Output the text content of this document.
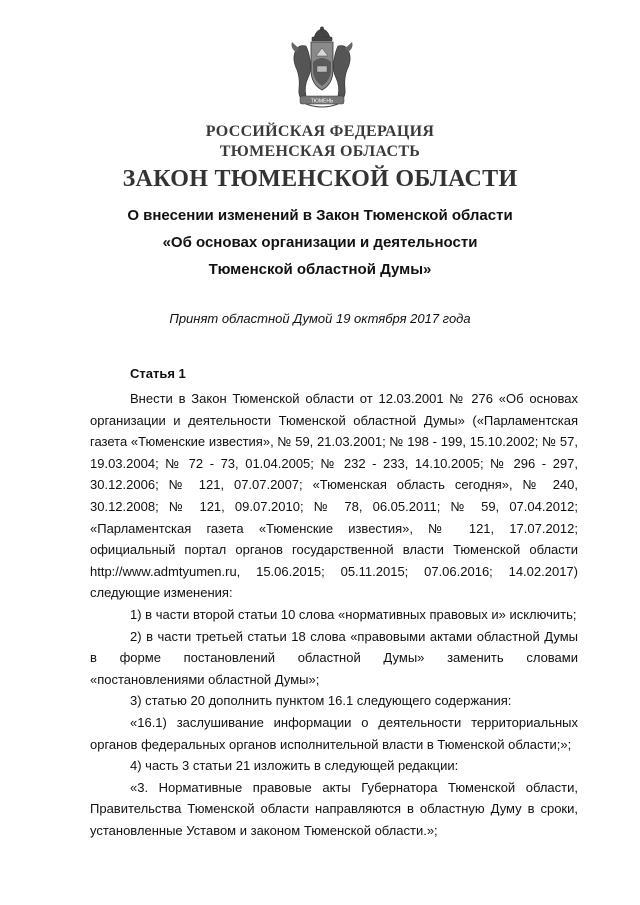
ТЮМЕНЬ
РОССИЙСКАЯ ФЕДЕРАЦИЯ
ТЮМЕНСКАЯ ОБЛАСТЬ
ЗАКОН ТЮМЕНСКОЙ ОБЛАСТИ
О внесении изменений в Закон Тюменской области
«Об основах организации и деятельности
Тюменской областной Думы»
Принят областной Думой 19 октября 2017 года
Статья 1

Внести в Закон Тюменской области от 12.03.2001 № 276 «Об основах организации и деятельности Тюменской областной Думы» («Парламентская газета «Тюменские известия», № 59, 21.03.2001; № 198 - 199, 15.10.2002; № 57, 19.03.2004; № 72 - 73, 01.04.2005; № 232 - 233, 14.10.2005; № 296 - 297, 30.12.2006; № 121, 07.07.2007; «Тюменская область сегодня», № 240, 30.12.2008; № 121, 09.07.2010; № 78, 06.05.2011; № 59, 07.04.2012; «Парламентская газета «Тюменские известия», № 121, 17.07.2012; официальный портал органов государственной власти Тюменской области http://www.admtyumen.ru, 15.06.2015; 05.11.2015; 07.06.2016; 14.02.2017) следующие изменения:

1) в части второй статьи 10 слова «нормативных правовых и» исключить;

2) в части третьей статьи 18 слова «правовыми актами областной Думы в форме постановлений областной Думы» заменить словами «постановлениями областной Думы»;

3) статью 20 дополнить пунктом 16.1 следующего содержания:

«16.1) заслушивание информации о деятельности территориальных органов федеральных органов исполнительной власти в Тюменской области;»;

4) часть 3 статьи 21 изложить в следующей редакции:

«3. Нормативные правовые акты Губернатора Тюменской области, Правительства Тюменской области направляются в областную Думу в сроки, установленные Уставом и законом Тюменской области.»;
